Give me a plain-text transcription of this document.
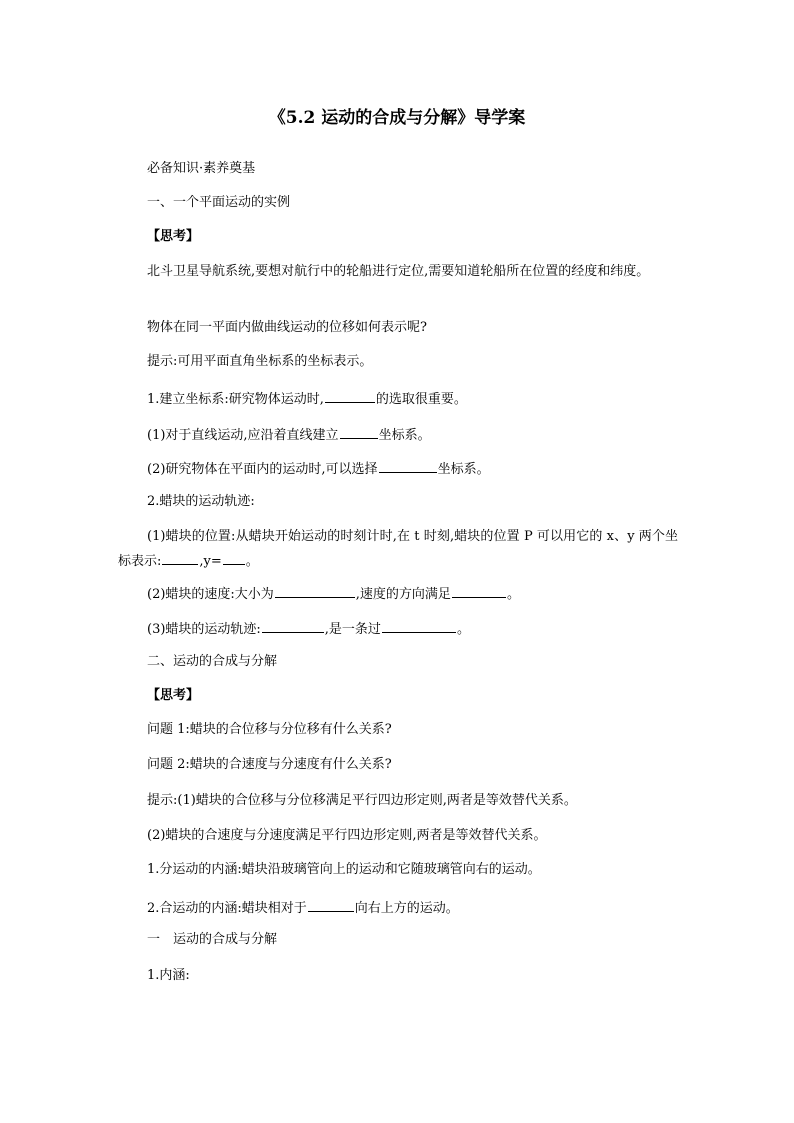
《5.2 运动的合成与分解》导学案
必备知识·素养奠基
一、一个平面运动的实例
【思考】
北斗卫星导航系统,要想对航行中的轮船进行定位,需要知道轮船所在位置的经度和纬度。
物体在同一平面内做曲线运动的位移如何表示呢?
提示:可用平面直角坐标系的坐标表示。
1.建立坐标系:研究物体运动时,	的选取很重要。
(1)对于直线运动,应沿着直线建立	坐标系。
(2)研究物体在平面内的运动时,可以选择	坐标系。
2.蜡块的运动轨迹:
(1)蜡块的位置:从蜡块开始运动的时刻计时,在 t 时刻,蜡块的位置 P 可以用它的 x、y 两个坐标表示:	,y= 。
(2)蜡块的速度:大小为	,速度的方向满足	。
(3)蜡块的运动轨迹:	,是一条过	。
二、运动的合成与分解
【思考】
问题 1:蜡块的合位移与分位移有什么关系?
问题 2:蜡块的合速度与分速度有什么关系?
提示:(1)蜡块的合位移与分位移满足平行四边形定则,两者是等效替代关系。
(2)蜡块的合速度与分速度满足平行四边形定则,两者是等效替代关系。
1.分运动的内涵:蜡块沿玻璃管向上的运动和它随玻璃管向右的运动。
2.合运动的内涵:蜡块相对于	向右上方的运动。
一　运动的合成与分解
1.内涵:
